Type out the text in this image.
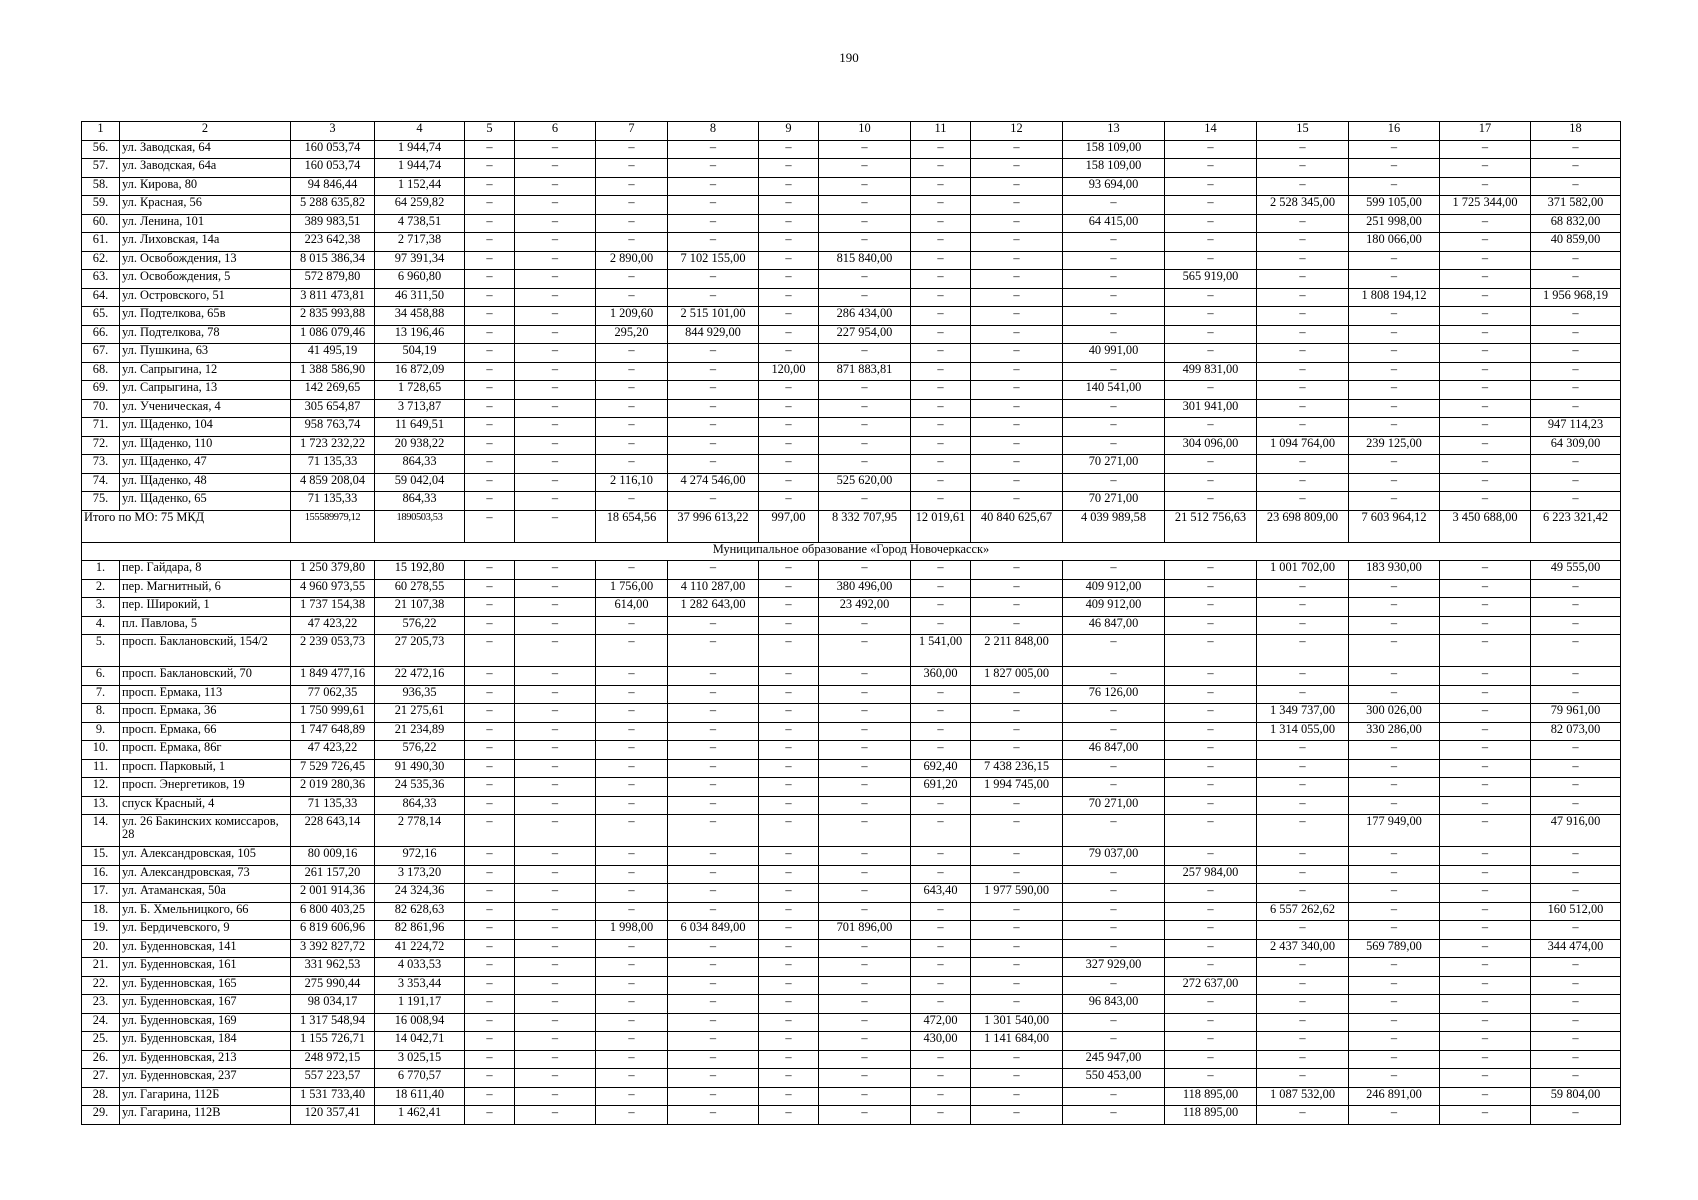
190
1	2	3	4	5	6	7	8	9	10	11	12	13	14	15	16	17	18
56.	ул. Заводская, 64	160 053,74	1 944,74	–	–	–	–	–	–	–	–	158 109,00	–	–	–	–	–
57.	ул. Заводская, 64а	160 053,74	1 944,74	–	–	–	–	–	–	–	–	158 109,00	–	–	–	–	–
58.	ул. Кирова, 80	94 846,44	1 152,44	–	–	–	–	–	–	–	–	93 694,00	–	–	–	–	–
59.	ул. Красная, 56	5 288 635,82	64 259,82	–	–	–	–	–	–	–	–	–	–	2 528 345,00	599 105,00	1 725 344,00	371 582,00
60.	ул. Ленина, 101	389 983,51	4 738,51	–	–	–	–	–	–	–	–	64 415,00	–	–	251 998,00	–	68 832,00
61.	ул. Лиховская, 14а	223 642,38	2 717,38	–	–	–	–	–	–	–	–	–	–	–	180 066,00	–	40 859,00
62.	ул. Освобождения, 13	8 015 386,34	97 391,34	–	–	2 890,00	7 102 155,00	–	815 840,00	–	–	–	–	–	–	–	–
63.	ул. Освобождения, 5	572 879,80	6 960,80	–	–	–	–	–	–	–	–	–	565 919,00	–	–	–	–
64.	ул. Островского, 51	3 811 473,81	46 311,50	–	–	–	–	–	–	–	–	–	–	–	1 808 194,12	–	1 956 968,19
65.	ул. Подтелкова, 65в	2 835 993,88	34 458,88	–	–	1 209,60	2 515 101,00	–	286 434,00	–	–	–	–	–	–	–	–
66.	ул. Подтелкова, 78	1 086 079,46	13 196,46	–	–	295,20	844 929,00	–	227 954,00	–	–	–	–	–	–	–	–
67.	ул. Пушкина, 63	41 495,19	504,19	–	–	–	–	–	–	–	–	40 991,00	–	–	–	–	–
68.	ул. Сапрыгина, 12	1 388 586,90	16 872,09	–	–	–	–	120,00	871 883,81	–	–	–	499 831,00	–	–	–	–
69.	ул. Сапрыгина, 13	142 269,65	1 728,65	–	–	–	–	–	–	–	–	140 541,00	–	–	–	–	–
70.	ул. Ученическая, 4	305 654,87	3 713,87	–	–	–	–	–	–	–	–	–	301 941,00	–	–	–	–
71.	ул. Щаденко, 104	958 763,74	11 649,51	–	–	–	–	–	–	–	–	–	–	–	–	–	947 114,23
72.	ул. Щаденко, 110	1 723 232,22	20 938,22	–	–	–	–	–	–	–	–	–	304 096,00	1 094 764,00	239 125,00	–	64 309,00
73.	ул. Щаденко, 47	71 135,33	864,33	–	–	–	–	–	–	–	–	70 271,00	–	–	–	–	–
74.	ул. Щаденко, 48	4 859 208,04	59 042,04	–	–	2 116,10	4 274 546,00	–	525 620,00	–	–	–	–	–	–	–	–
75.	ул. Щаденко, 65	71 135,33	864,33	–	–	–	–	–	–	–	–	70 271,00	–	–	–	–	–
Итого по МО: 75 МКД		155589979,12	1890503,53	–	–	18 654,56	37 996 613,22	997,00	8 332 707,95	12 019,61	40 840 625,67	4 039 989,58	21 512 756,63	23 698 809,00	7 603 964,12	3 450 688,00	6 223 321,42
Муниципальное образование «Город Новочеркасск»																	
1.	пер. Гайдара, 8	1 250 379,80	15 192,80	–	–	–	–	–	–	–	–	–	–	1 001 702,00	183 930,00	–	49 555,00
2.	пер. Магнитный, 6	4 960 973,55	60 278,55	–	–	1 756,00	4 110 287,00	–	380 496,00	–	–	409 912,00	–	–	–	–	–
3.	пер. Широкий, 1	1 737 154,38	21 107,38	–	–	614,00	1 282 643,00	–	23 492,00	–	–	409 912,00	–	–	–	–	–
4.	пл. Павлова, 5	47 423,22	576,22	–	–	–	–	–	–	–	–	46 847,00	–	–	–	–	–
5.	просп. Баклановский, 154/2	2 239 053,73	27 205,73	–	–	–	–	–	–	1 541,00	2 211 848,00	–	–	–	–	–	–
6.	просп. Баклановский, 70	1 849 477,16	22 472,16	–	–	–	–	–	–	360,00	1 827 005,00	–	–	–	–	–	–
7.	просп. Ермака, 113	77 062,35	936,35	–	–	–	–	–	–	–	–	76 126,00	–	–	–	–	–
8.	просп. Ермака, 36	1 750 999,61	21 275,61	–	–	–	–	–	–	–	–	–	–	1 349 737,00	300 026,00	–	79 961,00
9.	просп. Ермака, 66	1 747 648,89	21 234,89	–	–	–	–	–	–	–	–	–	–	1 314 055,00	330 286,00	–	82 073,00
10.	просп. Ермака, 86г	47 423,22	576,22	–	–	–	–	–	–	–	–	46 847,00	–	–	–	–	–
11.	просп. Парковый, 1	7 529 726,45	91 490,30	–	–	–	–	–	–	692,40	7 438 236,15	–	–	–	–	–	–
12.	просп. Энергетиков, 19	2 019 280,36	24 535,36	–	–	–	–	–	–	691,20	1 994 745,00	–	–	–	–	–	–
13.	спуск Красный, 4	71 135,33	864,33	–	–	–	–	–	–	–	–	70 271,00	–	–	–	–	–
14.	ул. 26 Бакинских комиссаров, 28	228 643,14	2 778,14	–	–	–	–	–	–	–	–	–	–	–	177 949,00	–	47 916,00
15.	ул. Александровская, 105	80 009,16	972,16	–	–	–	–	–	–	–	–	79 037,00	–	–	–	–	–
16.	ул. Александровская, 73	261 157,20	3 173,20	–	–	–	–	–	–	–	–	–	257 984,00	–	–	–	–
17.	ул. Атаманская, 50а	2 001 914,36	24 324,36	–	–	–	–	–	–	643,40	1 977 590,00	–	–	–	–	–	–
18.	ул. Б. Хмельницкого, 66	6 800 403,25	82 628,63	–	–	–	–	–	–	–	–	–	–	6 557 262,62	–	–	160 512,00
19.	ул. Бердичевского, 9	6 819 606,96	82 861,96	–	–	1 998,00	6 034 849,00	–	701 896,00	–	–	–	–	–	–	–	–
20.	ул. Буденновская, 141	3 392 827,72	41 224,72	–	–	–	–	–	–	–	–	–	–	2 437 340,00	569 789,00	–	344 474,00
21.	ул. Буденновская, 161	331 962,53	4 033,53	–	–	–	–	–	–	–	–	327 929,00	–	–	–	–	–
22.	ул. Буденновская, 165	275 990,44	3 353,44	–	–	–	–	–	–	–	–	–	272 637,00	–	–	–	–
23.	ул. Буденновская, 167	98 034,17	1 191,17	–	–	–	–	–	–	–	–	96 843,00	–	–	–	–	–
24.	ул. Буденновская, 169	1 317 548,94	16 008,94	–	–	–	–	–	–	472,00	1 301 540,00	–	–	–	–	–	–
25.	ул. Буденновская, 184	1 155 726,71	14 042,71	–	–	–	–	–	–	430,00	1 141 684,00	–	–	–	–	–	–
26.	ул. Буденновская, 213	248 972,15	3 025,15	–	–	–	–	–	–	–	–	245 947,00	–	–	–	–	–
27.	ул. Буденновская, 237	557 223,57	6 770,57	–	–	–	–	–	–	–	–	550 453,00	–	–	–	–	–
28.	ул. Гагарина, 112Б	1 531 733,40	18 611,40	–	–	–	–	–	–	–	–	–	118 895,00	1 087 532,00	246 891,00	–	59 804,00
29.	ул. Гагарина, 112В	120 357,41	1 462,41	–	–	–	–	–	–	–	–	–	118 895,00	–	–	–	–
